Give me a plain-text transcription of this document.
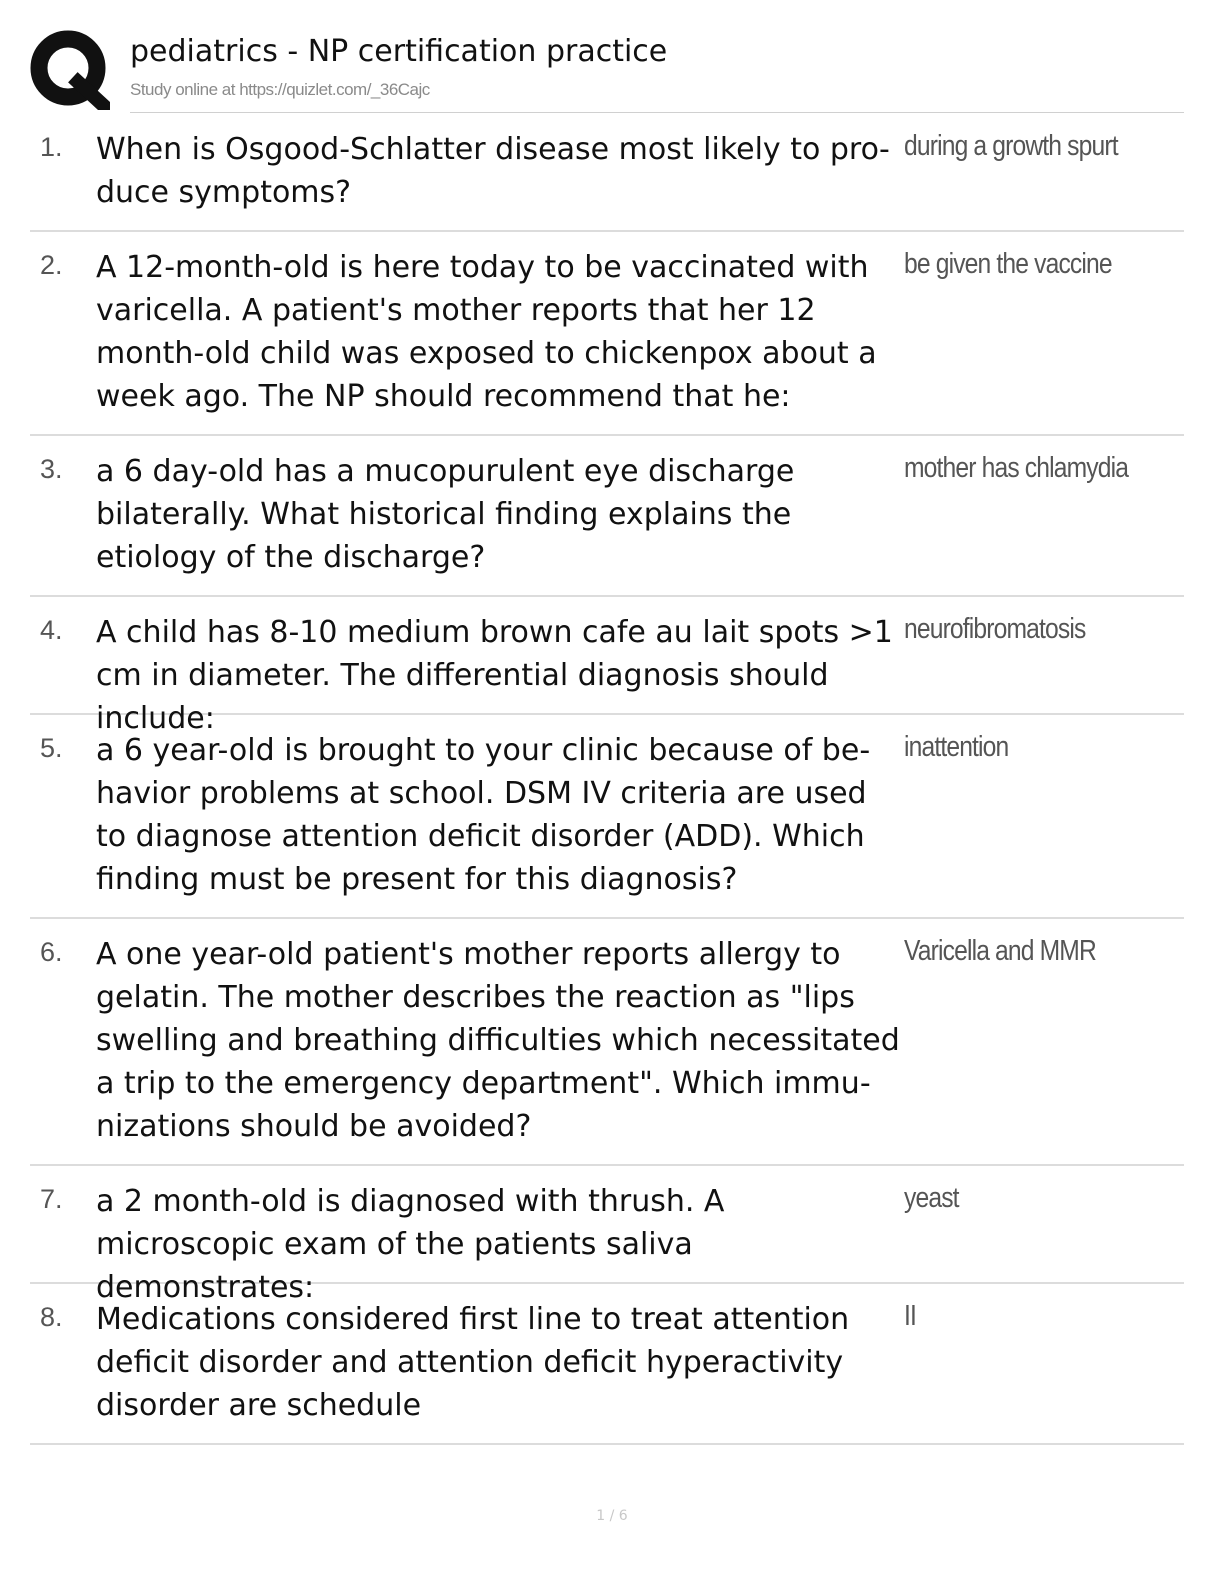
pediatrics - NP certification practice
Study online at https://quizlet.com/_36Cajc
1. When is Osgood-Schlatter disease most likely to produce symptoms?
during a growth spurt
2. A 12-month-old is here today to be vaccinated with varicella. A patient's mother reports that her 12 month-old child was exposed to chickenpox about a week ago. The NP should recommend that he:
be given the vaccine
3. a 6 day-old has a mucopurulent eye discharge bilaterally. What historical finding explains the etiology of the discharge?
mother has chlamydia
4. A child has 8-10 medium brown cafe au lait spots >1 cm in diameter. The differential diagnosis should include:
neurofibromatosis
5. a 6 year-old is brought to your clinic because of behavior problems at school. DSM IV criteria are used to diagnose attention deficit disorder (ADD). Which finding must be present for this diagnosis?
inattention
6. A one year-old patient's mother reports allergy to gelatin. The mother describes the reaction as "lips swelling and breathing difficulties which necessitated a trip to the emergency department". Which immunizations should be avoided?
Varicella and MMR
7. a 2 month-old is diagnosed with thrush. A microscopic exam of the patients saliva demonstrates:
yeast
8. Medications considered first line to treat attention deficit disorder and attention deficit hyperactivity disorder are schedule
II
1 / 6
